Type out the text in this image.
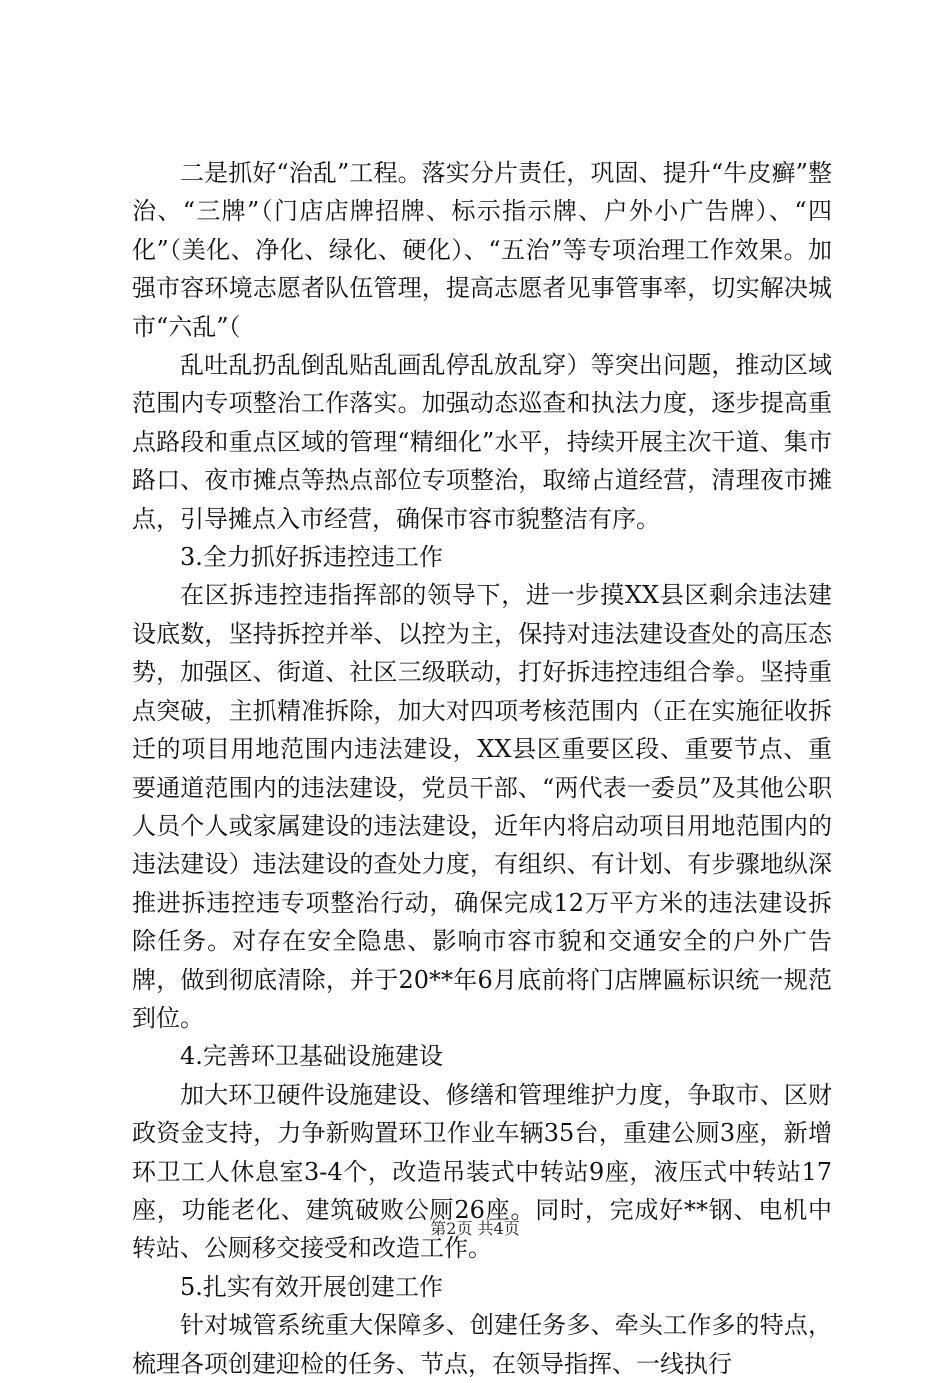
二是抓好“治乱”工程。落实分片责任，巩固、提升“牛皮癣”整治、“三牌”（门店店牌招牌、标示指示牌、户外小广告牌）、“四化”（美化、净化、绿化、硬化）、“五治”等专项治理工作效果。加强市容环境志愿者队伍管理，提高志愿者见事管事率，切实解决城市“六乱”（

乱吐乱扔乱倒乱贴乱画乱停乱放乱穿）等突出问题，推动区域范围内专项整治工作落实。加强动态巡查和执法力度，逐步提高重点路段和重点区域的管理“精细化”水平，持续开展主次干道、集市路口、夜市摊点等热点部位专项整治，取缔占道经营，清理夜市摊点，引导摊点入市经营，确保市容市貌整洁有序。

3.全力抓好拆违控违工作

在区拆违控违指挥部的领导下，进一步摸XX县区剩余违法建设底数，坚持拆控并举、以控为主，保持对违法建设查处的高压态势，加强区、街道、社区三级联动，打好拆违控违组合拳。坚持重点突破，主抓精准拆除，加大对四项考核范围内（正在实施征收拆迁的项目用地范围内违法建设，XX县区重要区段、重要节点、重要通道范围内的违法建设，党员干部、“两代表一委员”及其他公职人员个人或家属建设的违法建设，近年内将启动项目用地范围内的违法建设）违法建设的查处力度，有组织、有计划、有步骤地纵深推进拆违控违专项整治行动，确保完成12万平方米的违法建设拆除任务。对存在安全隐患、影响市容市貌和交通安全的户外广告牌，做到彻底清除，并于20**年6月底前将门店牌匾标识统一规范到位。

4.完善环卫基础设施建设

加大环卫硬件设施建设、修缮和管理维护力度，争取市、区财政资金支持，力争新购置环卫作业车辆35台，重建公厕3座，新增环卫工人休息室3-4个，改造吊装式中转站9座，液压式中转站17座，功能老化、建筑破败公厕26座。同时，完成好**钢、电机中转站、公厕移交接受和改造工作。

5.扎实有效开展创建工作

针对城管系统重大保障多、创建任务多、牵头工作多的特点，梳理各项创建迎检的任务、节点，在领导指挥、一线执行

第2页 共4页
